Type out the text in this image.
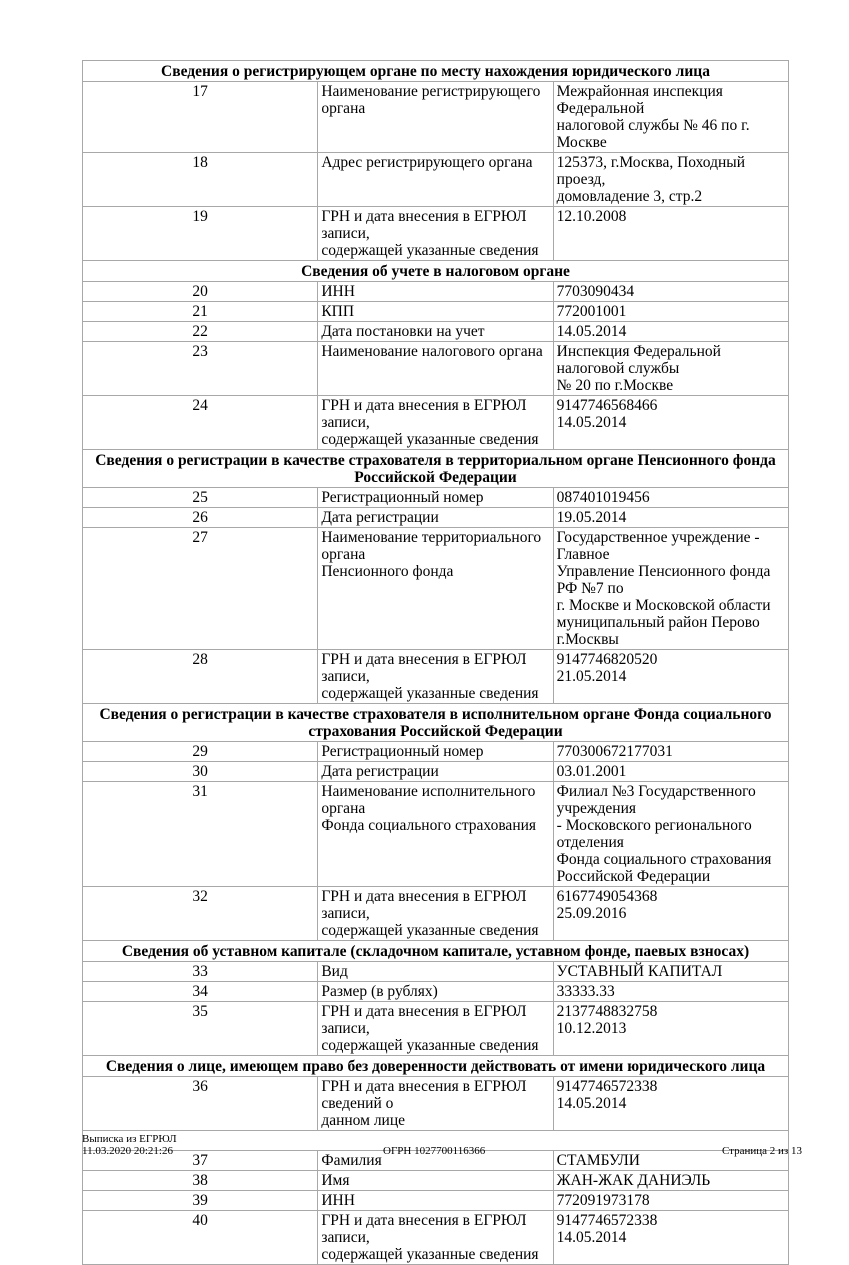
Сведения о регистрирующем органе по месту нахождения юридического лица		
17	Наименование регистрирующего органа	Межрайонная инспекция Федеральной
налоговой службы № 46 по г. Москве

18	Адрес регистрирующего органа	125373, г.Москва, Походный проезд,
домовладение 3, стр.2

19	ГРН и дата внесения в ЕГРЮЛ записи,
содержащей указанные сведения	12.10.2008

Сведения об учете в налоговом органе		
20	ИНН	7703090434

21	КПП	772001001

22	Дата постановки на учет	14.05.2014

23	Наименование налогового органа	Инспекция Федеральной налоговой службы
№ 20 по г.Москве

24	ГРН и дата внесения в ЕГРЮЛ записи,
содержащей указанные сведения	9147746568466
14.05.2014

Сведения о регистрации в качестве страхователя в территориальном органе Пенсионного фонда Российской Федерации		
25	Регистрационный номер	087401019456

26	Дата регистрации	19.05.2014

27	Наименование территориального органа
Пенсионного фонда	Государственное учреждение - Главное
Управление Пенсионного фонда РФ №7 по
г. Москве и Московской области
муниципальный район Перово г.Москвы

28	ГРН и дата внесения в ЕГРЮЛ записи,
содержащей указанные сведения	9147746820520
21.05.2014

Сведения о регистрации в качестве страхователя в исполнительном органе Фонда социального страхования Российской Федерации		
29	Регистрационный номер	770300672177031

30	Дата регистрации	03.01.2001

31	Наименование исполнительного органа
Фонда социального страхования	Филиал №3 Государственного учреждения
- Московского регионального отделения
Фонда социального страхования
Российской Федерации

32	ГРН и дата внесения в ЕГРЮЛ записи,
содержащей указанные сведения	6167749054368
25.09.2016

Сведения об уставном капитале (складочном капитале, уставном фонде, паевых взносах)		
33	Вид	УСТАВНЫЙ КАПИТАЛ

34	Размер (в рублях)	33333.33

35	ГРН и дата внесения в ЕГРЮЛ записи,
содержащей указанные сведения	2137748832758
10.12.2013

Сведения о лице, имеющем право без доверенности действовать от имени юридического лица		
36	ГРН и дата внесения в ЕГРЮЛ сведений о
данном лице	9147746572338
14.05.2014

37	Фамилия	СТАМБУЛИ

38	Имя	ЖАН-ЖАК ДАНИЭЛЬ

39	ИНН	772091973178

40	ГРН и дата внесения в ЕГРЮЛ записи,
содержащей указанные сведения	9147746572338
14.05.2014
Выписка из ЕГРЮЛ
11.03.2020 20:21:26	ОГРН 1027700116366	Страница 2 из 13
